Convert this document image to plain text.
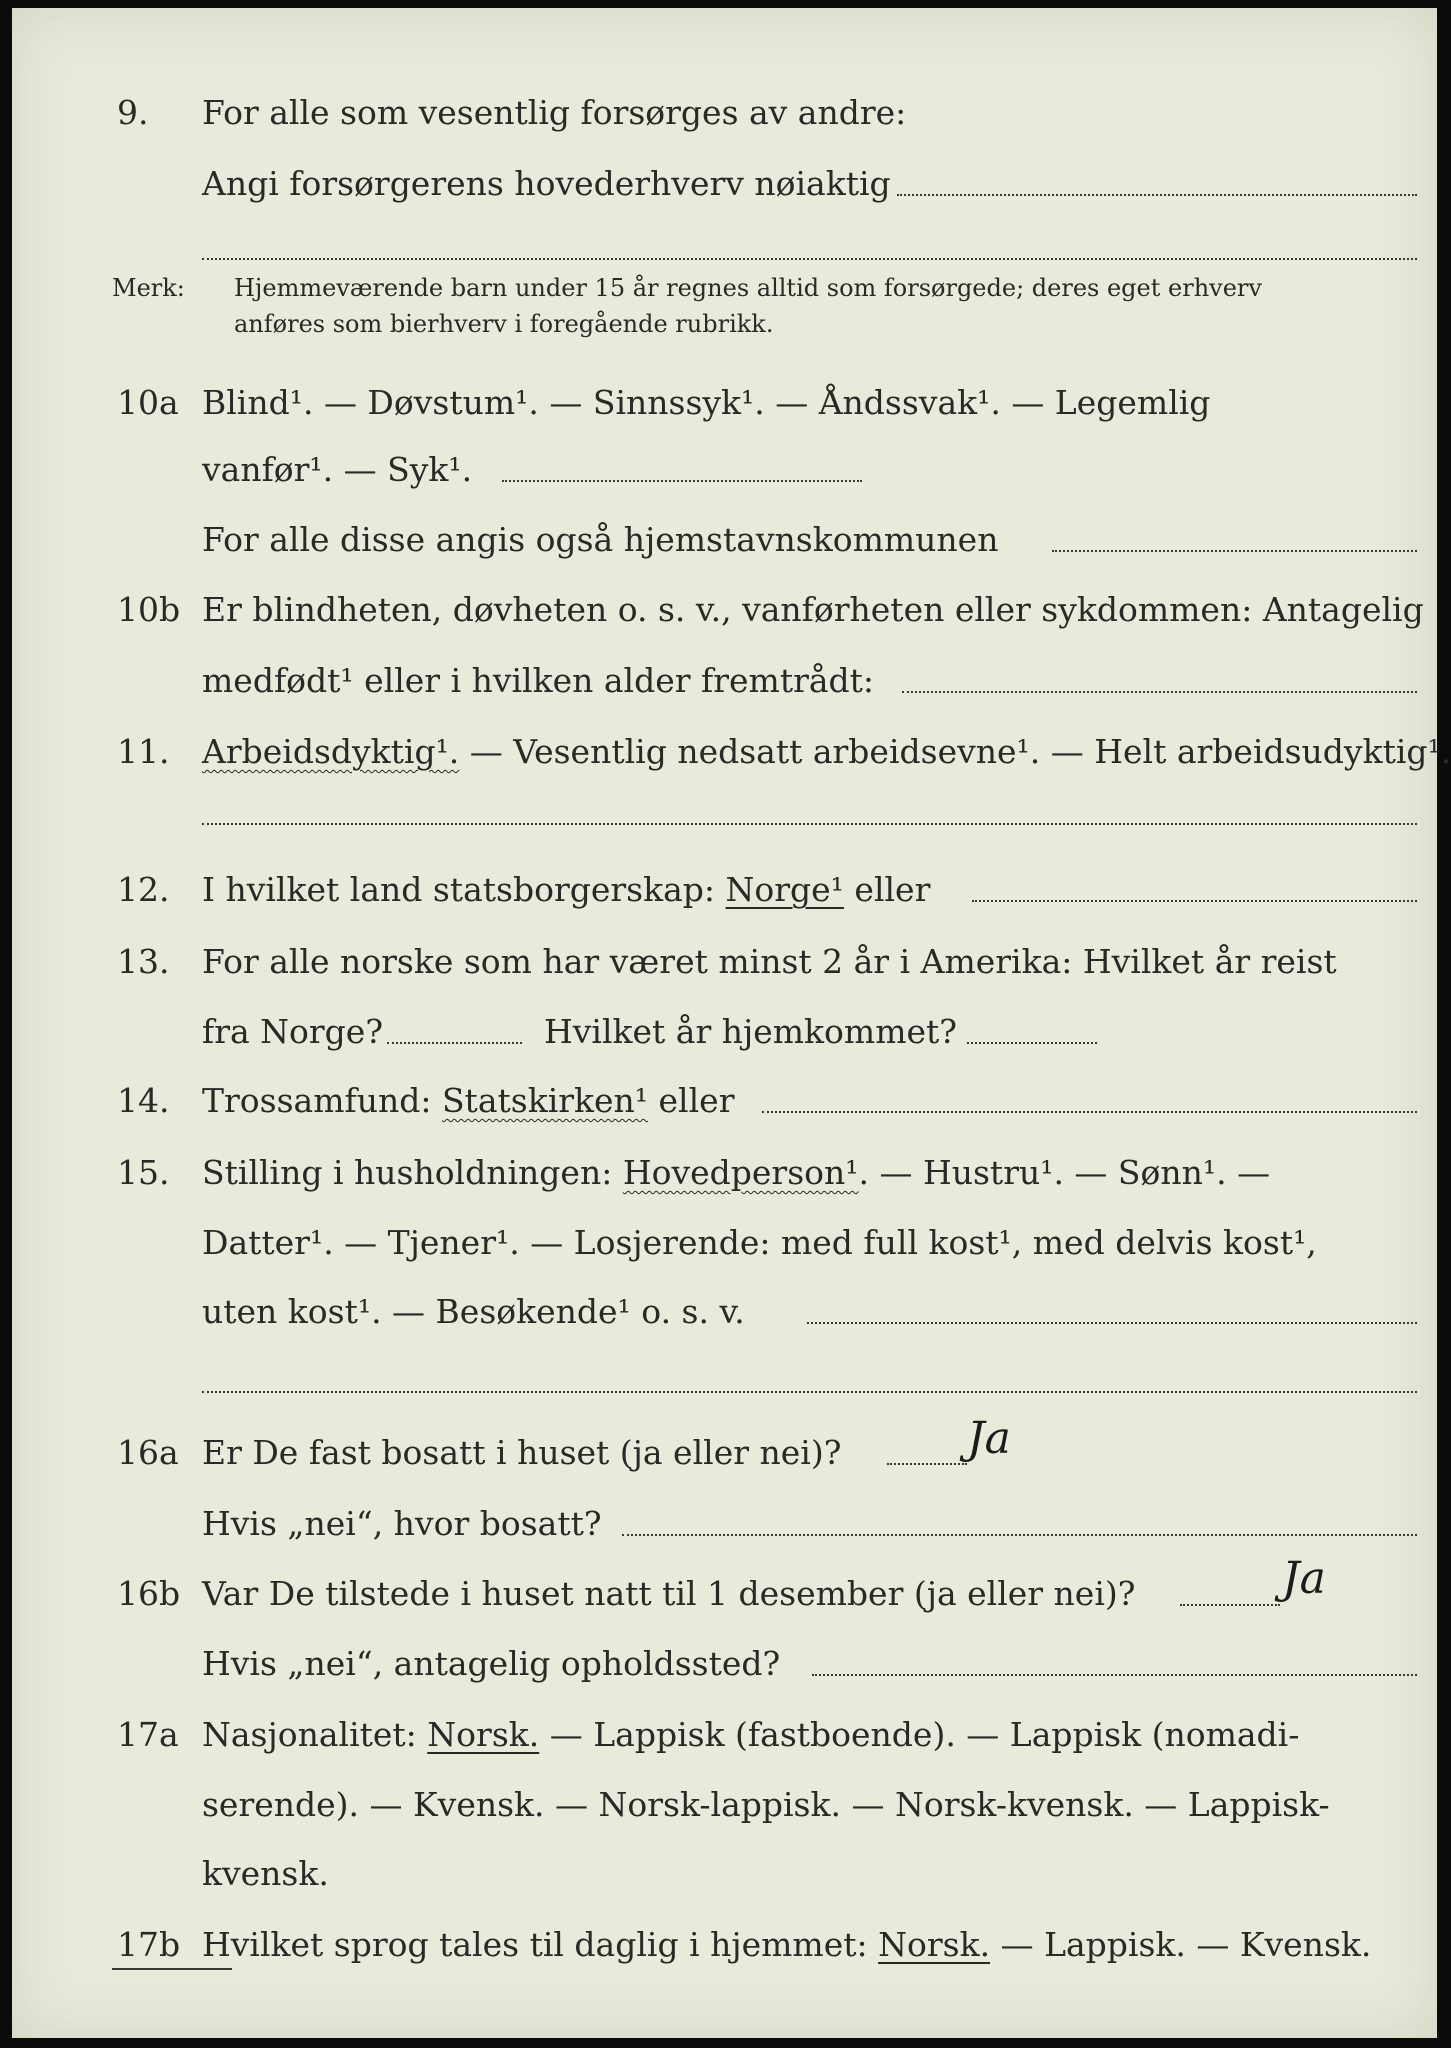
9.	For alle som vesentlig forsørges av andre:
Angi forsørgerens hovederhverv nøiaktig
Merk: Hjemmeværende barn under 15 år regnes alltid som forsørgede; deres eget erhverv
anføres som bierhverv i foregående rubrikk.
10a Blind¹. — Døvstum¹. — Sinnssyk¹. — Åndssvak¹. — Legemlig
vanfør¹. — Syk¹.
For alle disse angis også hjemstavnskommunen
10b Er blindheten, døvheten o. s. v., vanførheten eller sykdommen: Antagelig
medfødt¹ eller i hvilken alder fremtrådt:
11. Arbeidsdyktig¹. — Vesentlig nedsatt arbeidsevne¹. — Helt arbeidsudyktig¹.
12. I hvilket land statsborgerskap: Norge¹ eller
13. For alle norske som har været minst 2 år i Amerika: Hvilket år reist
fra Norge?	Hvilket år hjemkommet?
14. Trossamfund: Statskirken¹ eller
15. Stilling i husholdningen: Hovedperson¹. — Hustru¹. — Sønn¹. —
Datter¹. — Tjener¹. — Losjerende: med full kost¹, med delvis kost¹,
uten kost¹. — Besøkende¹ o. s. v.
16a Er De fast bosatt i huset (ja eller nei)?	Ja
Hvis „nei“, hvor bosatt?
16b Var De tilstede i huset natt til 1 desember (ja eller nei)?	Ja
Hvis „nei“, antagelig opholdssted?
17a Nasjonalitet: Norsk. — Lappisk (fastboende). — Lappisk (nomadi-
serende). — Kvensk. — Norsk-lappisk. — Norsk-kvensk. — Lappisk-
kvensk.
17b Hvilket sprog tales til daglig i hjemmet: Norsk. — Lappisk. — Kvensk.
